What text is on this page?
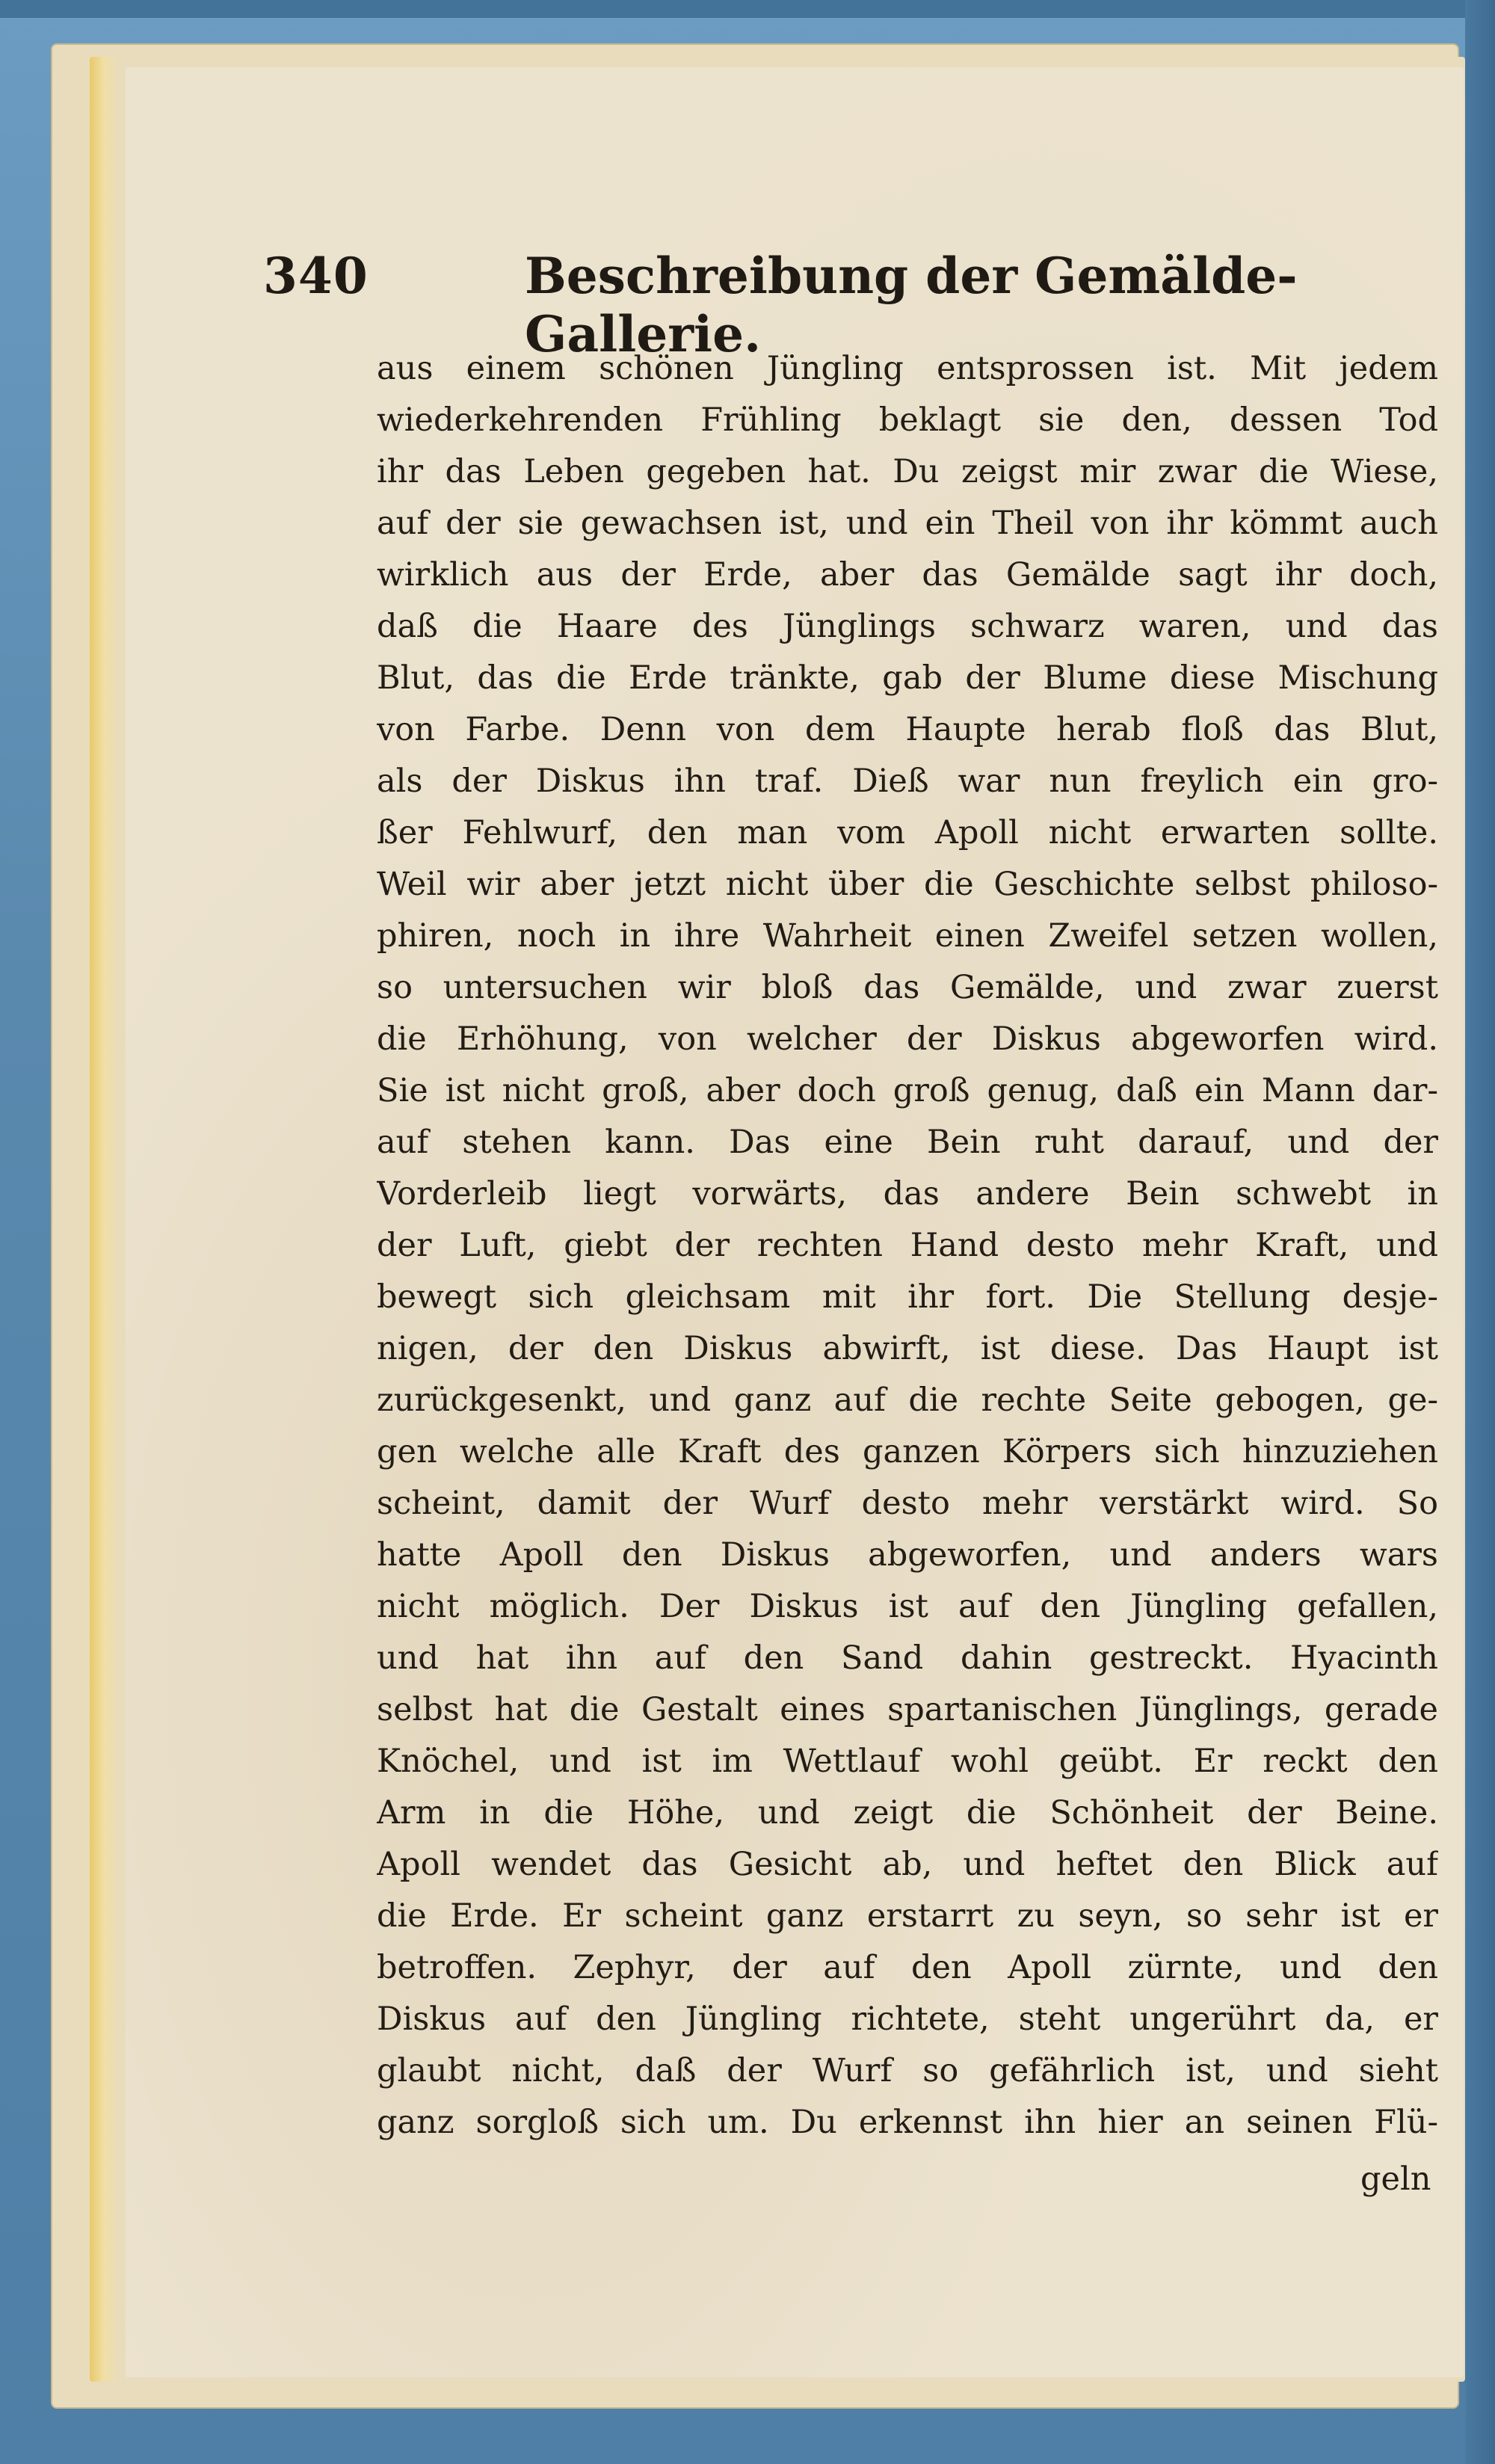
340	Beschreibung der Gemälde-Gallerie.
aus einem schönen Jüngling entsprossen ist. Mit jedem
wiederkehrenden Frühling beklagt sie den, dessen Tod
ihr das Leben gegeben hat. Du zeigst mir zwar die Wiese,
auf der sie gewachsen ist, und ein Theil von ihr kömmt auch
wirklich aus der Erde, aber das Gemälde sagt ihr doch,
daß die Haare des Jünglings schwarz waren, und das
Blut, das die Erde tränkte, gab der Blume diese Mischung
von Farbe. Denn von dem Haupte herab floß das Blut,
als der Diskus ihn traf. Dieß war nun freylich ein gro-
ßer Fehlwurf, den man vom Apoll nicht erwarten sollte.
Weil wir aber jetzt nicht über die Geschichte selbst philoso-
phiren, noch in ihre Wahrheit einen Zweifel setzen wollen,
so untersuchen wir bloß das Gemälde, und zwar zuerst
die Erhöhung, von welcher der Diskus abgeworfen wird.
Sie ist nicht groß, aber doch groß genug, daß ein Mann dar-
auf stehen kann. Das eine Bein ruht darauf, und der
Vorderleib liegt vorwärts, das andere Bein schwebt in
der Luft, giebt der rechten Hand desto mehr Kraft, und
bewegt sich gleichsam mit ihr fort. Die Stellung desje-
nigen, der den Diskus abwirft, ist diese. Das Haupt ist
zurückgesenkt, und ganz auf die rechte Seite gebogen, ge-
gen welche alle Kraft des ganzen Körpers sich hinzuziehen
scheint, damit der Wurf desto mehr verstärkt wird. So
hatte Apoll den Diskus abgeworfen, und anders wars
nicht möglich. Der Diskus ist auf den Jüngling gefallen,
und hat ihn auf den Sand dahin gestreckt. Hyacinth
selbst hat die Gestalt eines spartanischen Jünglings, gerade
Knöchel, und ist im Wettlauf wohl geübt. Er reckt den
Arm in die Höhe, und zeigt die Schönheit der Beine.
Apoll wendet das Gesicht ab, und heftet den Blick auf
die Erde. Er scheint ganz erstarrt zu seyn, so sehr ist er
betroffen. Zephyr, der auf den Apoll zürnte, und den
Diskus auf den Jüngling richtete, steht ungerührt da, er
glaubt nicht, daß der Wurf so gefährlich ist, und sieht
ganz sorgloß sich um. Du erkennst ihn hier an seinen Flü-
geln
